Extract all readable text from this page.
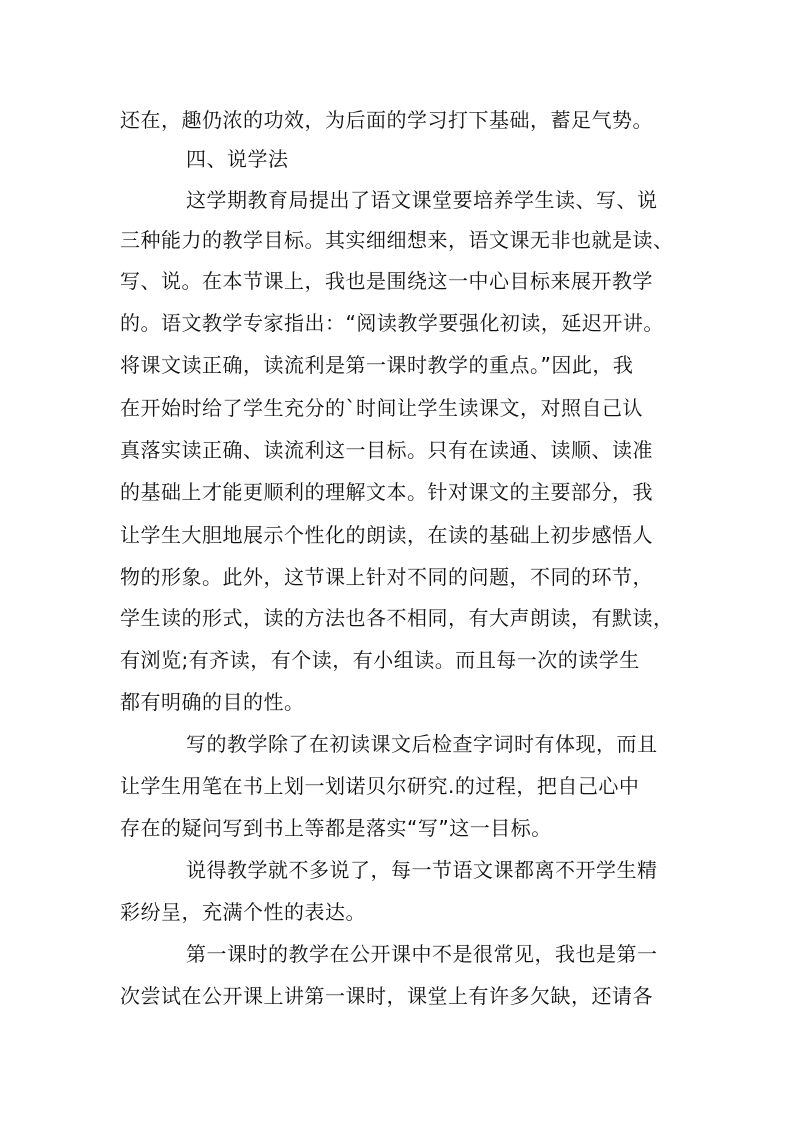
还在，趣仍浓的功效，为后面的学习打下基础，蓄足气势。
四、说学法
这学期教育局提出了语文课堂要培养学生读、写、说
三种能力的教学目标。其实细细想来，语文课无非也就是读、
写、说。在本节课上，我也是围绕这一中心目标来展开教学
的。语文教学专家指出：“阅读教学要强化初读，延迟开讲。
将课文读正确，读流利是第一课时教学的重点。”因此，我
在开始时给了学生充分的`时间让学生读课文，对照自己认
真落实读正确、读流利这一目标。只有在读通、读顺、读准
的基础上才能更顺利的理解文本。针对课文的主要部分，我
让学生大胆地展示个性化的朗读，在读的基础上初步感悟人
物的形象。此外，这节课上针对不同的问题，不同的环节，
学生读的形式，读的方法也各不相同，有大声朗读，有默读，
有浏览;有齐读，有个读，有小组读。而且每一次的读学生
都有明确的目的性。
写的教学除了在初读课文后检查字词时有体现，而且
让学生用笔在书上划一划诺贝尔研究.的过程，把自己心中
存在的疑问写到书上等都是落实“写”这一目标。
说得教学就不多说了，每一节语文课都离不开学生精
彩纷呈，充满个性的表达。
第一课时的教学在公开课中不是很常见，我也是第一
次尝试在公开课上讲第一课时，课堂上有许多欠缺，还请各
